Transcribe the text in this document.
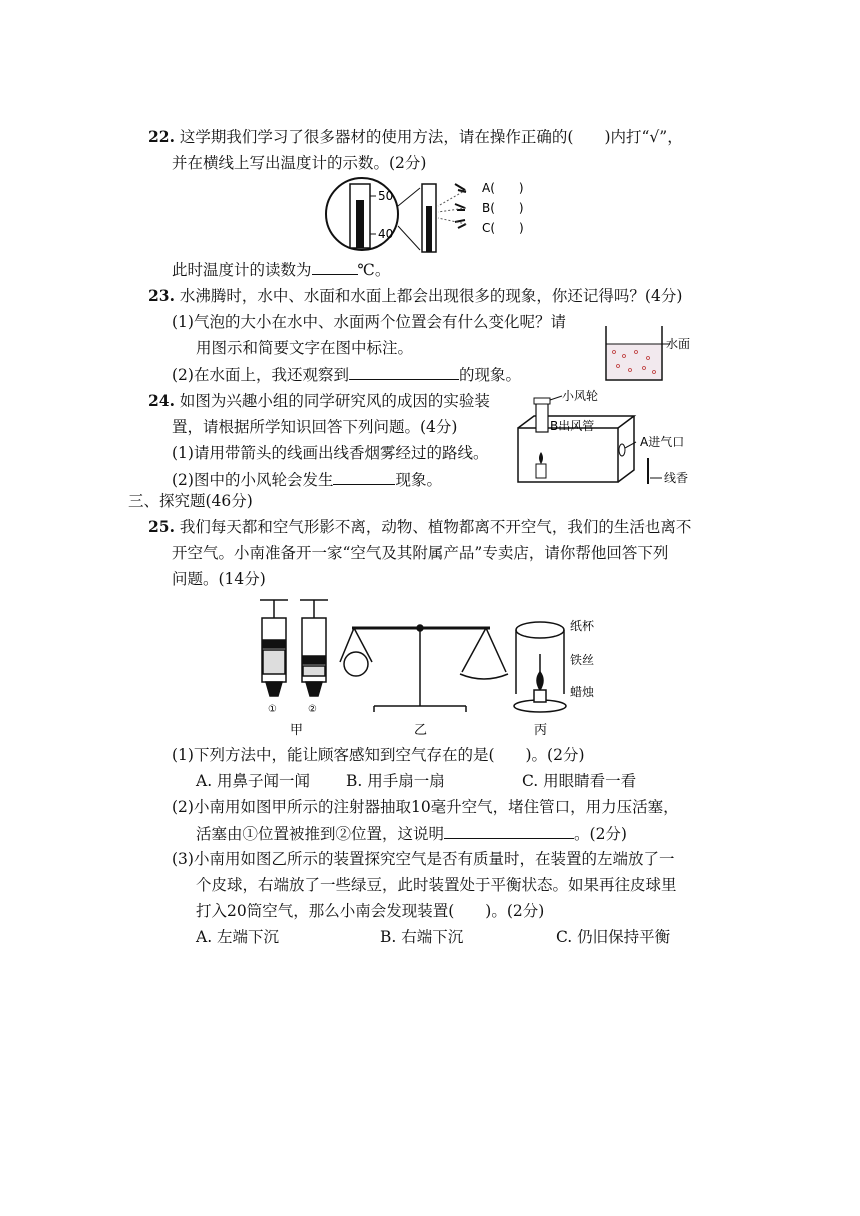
22. 这学期我们学习了很多器材的使用方法，请在操作正确的(　　)内打“√”，
并在横线上写出温度计的示数。(2分)
50
40
A(　　)
B(　　)
C(　　)
此时温度计的读数为	℃。
23. 水沸腾时，水中、水面和水面上都会出现很多的现象，你还记得吗？(4分)
(1)气泡的大小在水中、水面两个位置会有什么变化呢？请
用图示和简要文字在图中标注。
(2)在水面上，我还观察到	的现象。
水面
24. 如图为兴趣小组的同学研究风的成因的实验装
置，请根据所学知识回答下列问题。(4分)
(1)请用带箭头的线画出线香烟雾经过的路线。
(2)图中的小风轮会发生	现象。
小风轮
B出风管
A进气口
线香
三、探究题(46分)
25. 我们每天都和空气形影不离，动物、植物都离不开空气，我们的生活也离不
开空气。小南准备开一家“空气及其附属产品”专卖店，请你帮他回答下列
问题。(14分)
①	②
甲	乙
纸杯
铁丝
蜡烛
丙
(1)下列方法中，能让顾客感知到空气存在的是(　　)。(2分)
A. 用鼻子闻一闻 B. 用手扇一扇	C. 用眼睛看一看
(2)小南用如图甲所示的注射器抽取10毫升空气，堵住管口，用力压活塞，
活塞由①位置被推到②位置，这说明	。(2分)
(3)小南用如图乙所示的装置探究空气是否有质量时，在装置的左端放了一
个皮球，右端放了一些绿豆，此时装置处于平衡状态。如果再往皮球里
打入20筒空气，那么小南会发现装置(　　)。(2分)
A. 左端下沉	B. 右端下沉	C. 仍旧保持平衡
